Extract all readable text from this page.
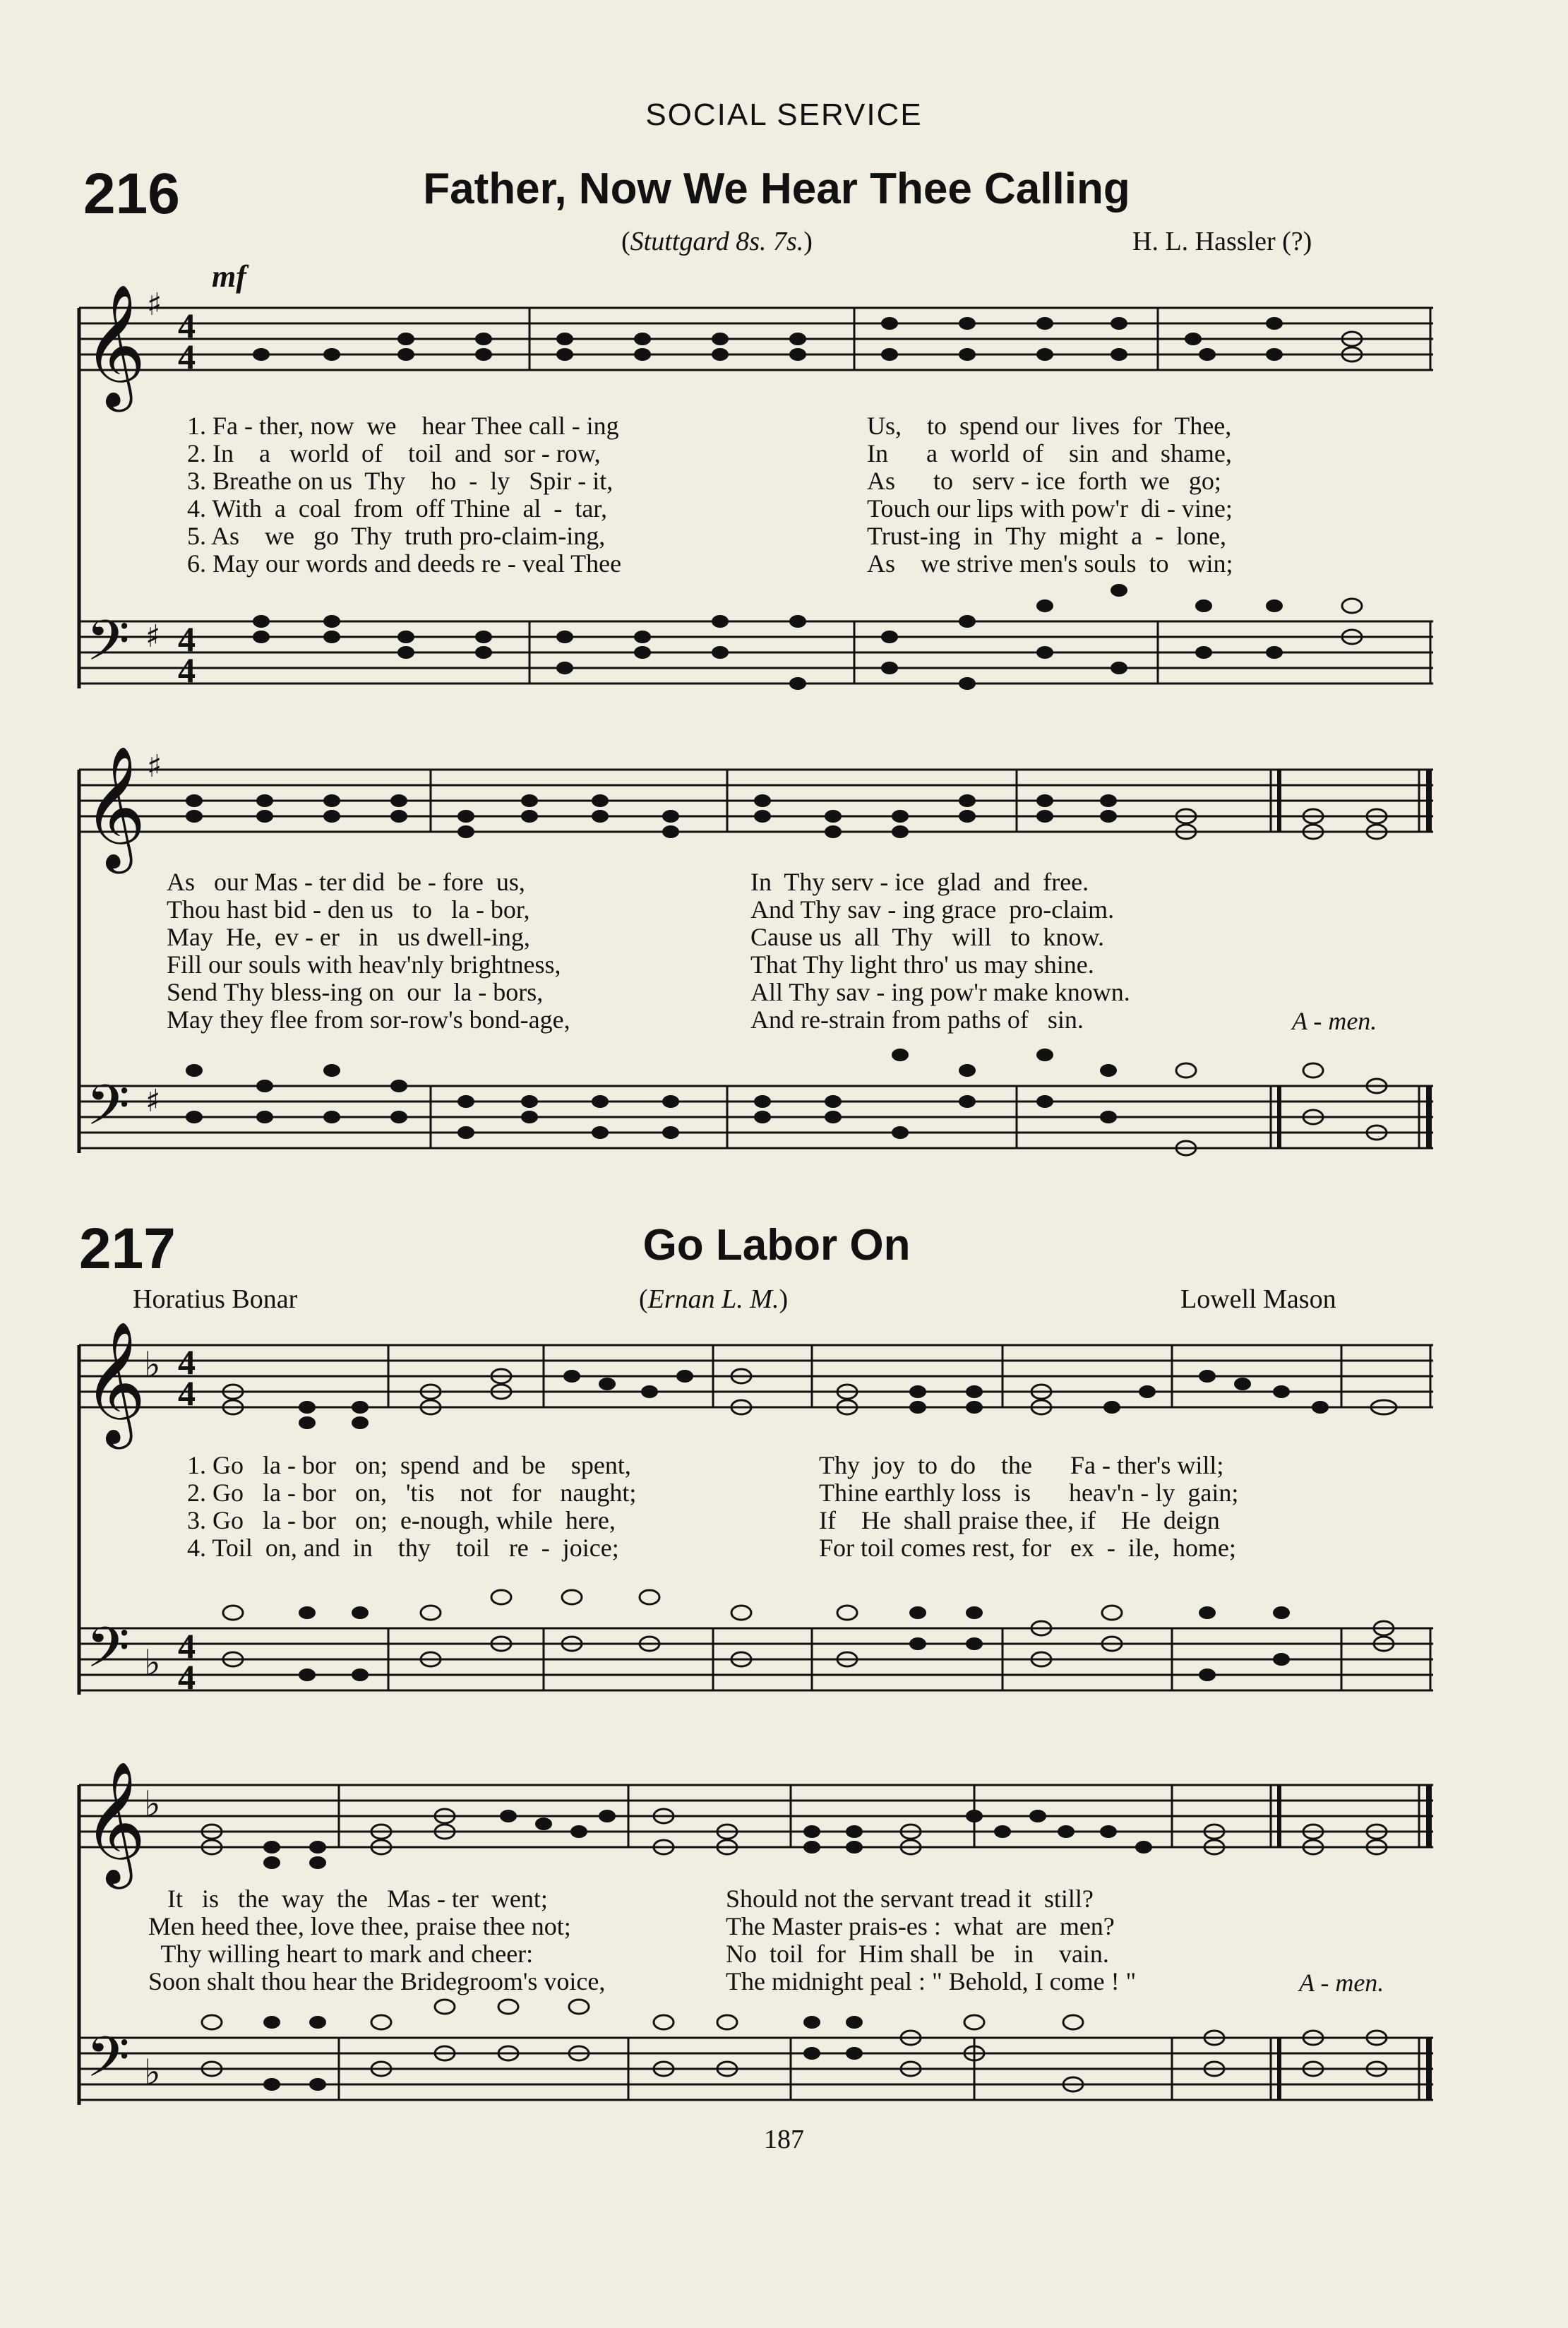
SOCIAL SERVICE
216	Father, Now We Hear Thee Calling
(Stuttgard 8s. 7s.)	H. L. Hassler (?)
mf
𝄞
𝄢
𝄞
𝄢
𝄞
𝄢
𝄞
𝄢
♯
♯
♯
♯
♭
♭
♭
♭
4
4
4
4
4
4
4
4
1. Fa - ther, now  we    hear Thee call - ing
2. In    a   world  of    toil  and  sor - row,
3. Breathe on us  Thy    ho  -  ly   Spir - it,
4. With  a  coal  from  off Thine  al  -  tar,
5. As    we   go  Thy  truth pro-claim-ing,
6. May our words and deeds re - veal Thee
Us,    to  spend our  lives  for  Thee,
In      a  world  of    sin  and  shame,
As      to   serv - ice  forth  we   go;
Touch our lips with pow'r  di - vine;
Trust-ing  in  Thy  might  a  -  lone,
As    we strive men's souls  to   win;
As   our Mas - ter did  be - fore  us,
Thou hast bid - den us   to   la - bor,
May  He,  ev - er   in   us dwell-ing,
Fill our souls with heav'nly brightness,
Send Thy bless-ing on  our  la - bors,
May they flee from sor-row's bond-age,
In  Thy serv - ice  glad  and  free.
And Thy sav - ing grace  pro-claim.
Cause us  all  Thy   will   to  know.
That Thy light thro' us may shine.
All Thy sav - ing pow'r make known.
And re-strain from paths of   sin.	A - men.
217	Go Labor On
Horatius Bonar	(Ernan L. M.)	Lowell Mason
1. Go   la - bor   on;  spend  and  be    spent,
2. Go   la - bor   on,   'tis    not   for   naught;
3. Go   la - bor   on;  e-nough, while  here,
4. Toil  on, and  in    thy    toil   re  -  joice;
Thy  joy  to  do    the      Fa - ther's will;
Thine earthly loss  is      heav'n - ly  gain;
If    He  shall praise thee, if    He  deign
For toil comes rest, for   ex  -  ile,  home;
It   is   the  way  the   Mas - ter  went;
Men heed thee, love thee, praise thee not;
Thy willing heart to mark and cheer:
Soon shalt thou hear the Bridegroom's voice,
Should not the servant tread it  still?
The Master prais-es :  what  are  men?
No  toil  for  Him shall  be   in    vain.
The midnight peal : " Behold, I come ! "	A - men.
187
